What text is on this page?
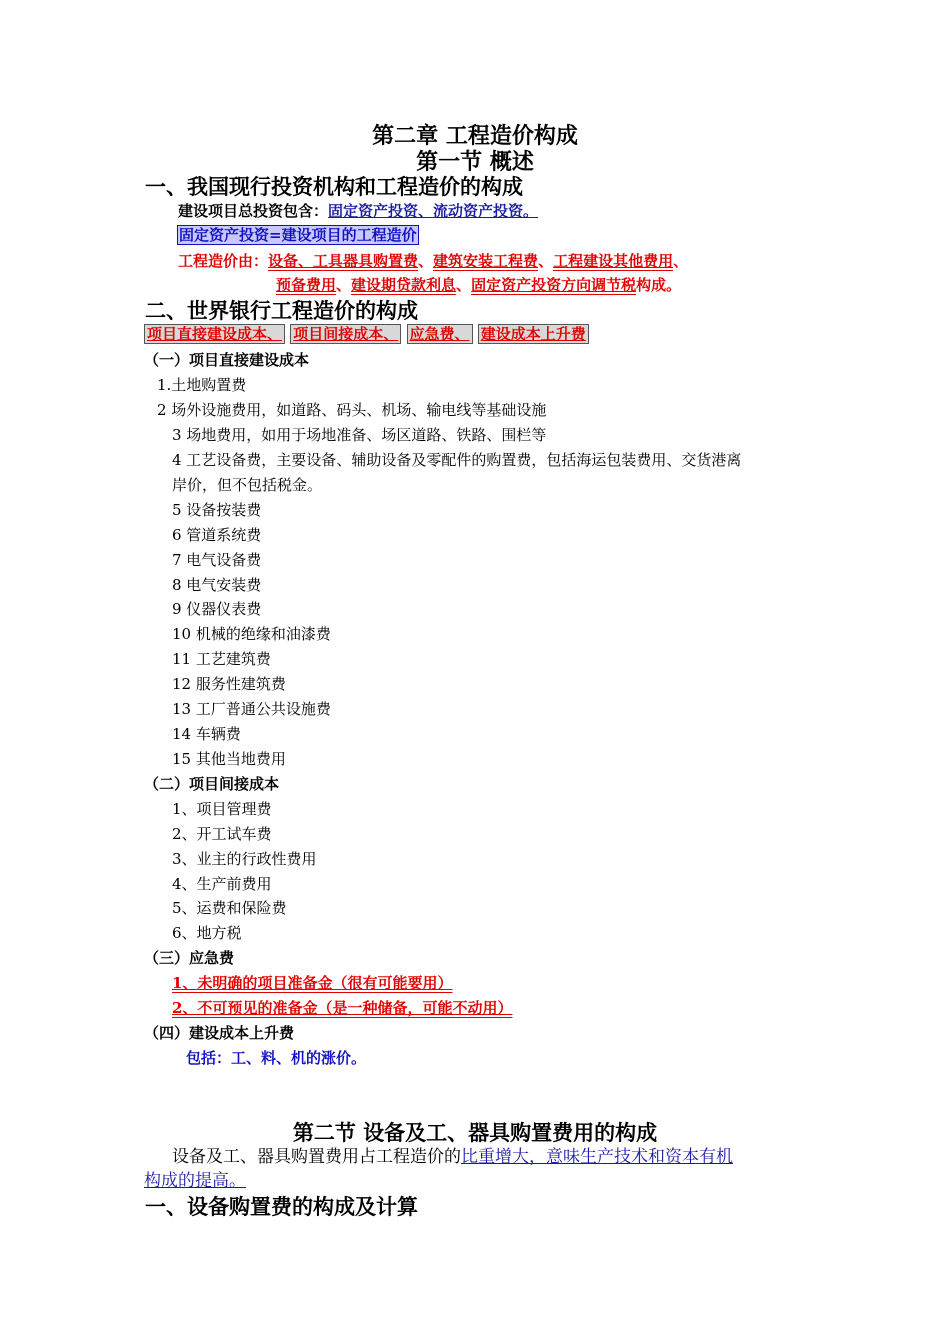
第二章 工程造价构成
第一节 概述
一、我国现行投资机构和工程造价的构成
建设项目总投资包含：固定资产投资、流动资产投资。
固定资产投资=建设项目的工程造价
工程造价由：设备、工具器具购置费、建筑安装工程费、工程建设其他费用、
预备费用、建设期贷款利息、固定资产投资方向调节税构成。
二、世界银行工程造价的构成
项目直接建设成本、 项目间接成本、 应急费、 建设成本上升费
（一）项目直接建设成本
1.土地购置费
2 场外设施费用，如道路、码头、机场、输电线等基础设施
3 场地费用，如用于场地准备、场区道路、铁路、围栏等
4 工艺设备费，主要设备、辅助设备及零配件的购置费，包括海运包装费用、交货港离
岸价，但不包括税金。
5 设备按装费
6 管道系统费
7 电气设备费
8 电气安装费
9 仪器仪表费
10 机械的绝缘和油漆费
11 工艺建筑费
12 服务性建筑费
13 工厂普通公共设施费
14 车辆费
15 其他当地费用
（二）项目间接成本
1、项目管理费
2、开工试车费
3、业主的行政性费用
4、生产前费用
5、运费和保险费
6、地方税
（三）应急费
1、未明确的项目准备金（很有可能要用）
2、不可预见的准备金（是一种储备，可能不动用）
（四）建设成本上升费
包括：工、料、机的涨价。
第二节 设备及工、器具购置费用的构成
设备及工、器具购置费用占工程造价的比重增大，意味生产技术和资本有机
构成的提高。
一、设备购置费的构成及计算
